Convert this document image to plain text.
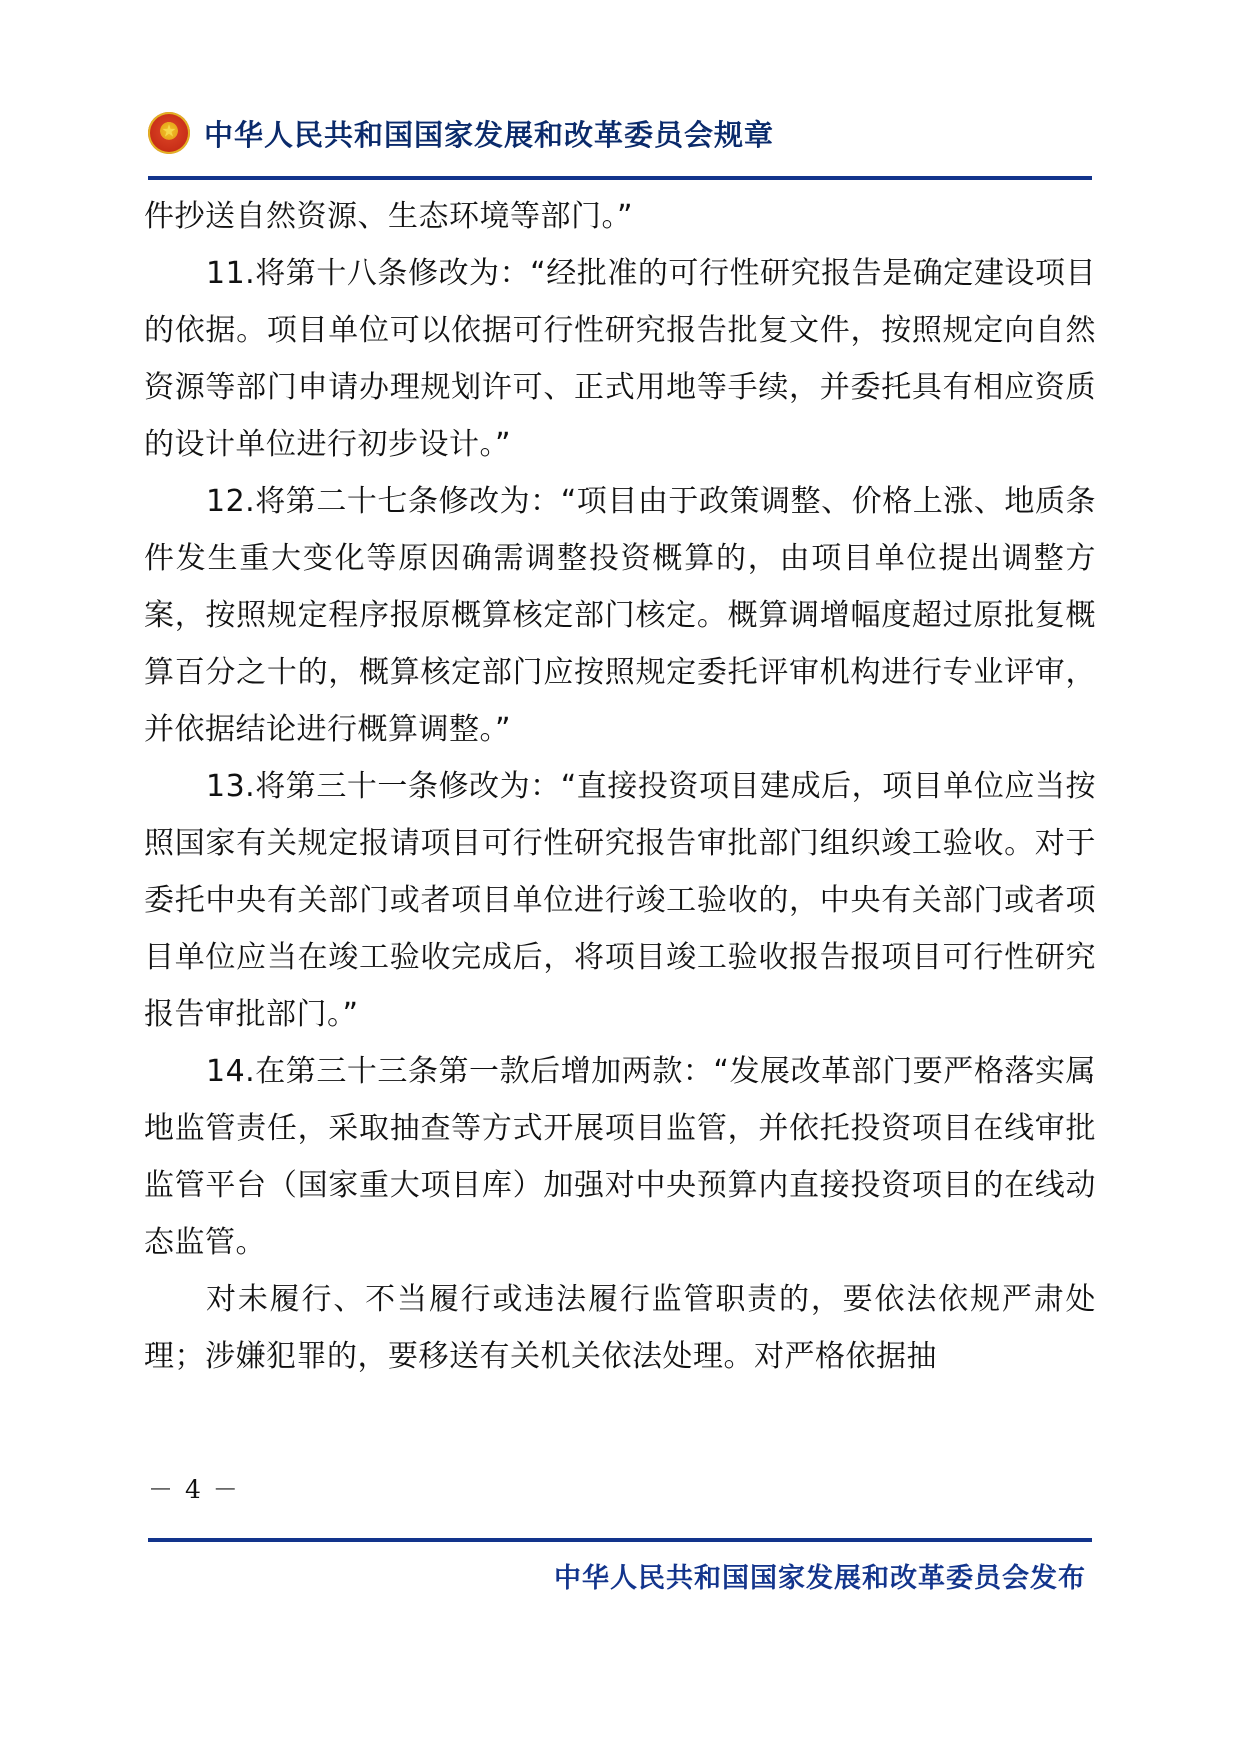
★
中华人民共和国国家发展和改革委员会规章

件抄送自然资源、生态环境等部门。”

11.将第十八条修改为：“经批准的可行性研究报告是确定建设项目的依据。项目单位可以依据可行性研究报告批复文件，按照规定向自然资源等部门申请办理规划许可、正式用地等手续，并委托具有相应资质的设计单位进行初步设计。”

12.将第二十七条修改为：“项目由于政策调整、价格上涨、地质条件发生重大变化等原因确需调整投资概算的，由项目单位提出调整方案，按照规定程序报原概算核定部门核定。概算调增幅度超过原批复概算百分之十的，概算核定部门应按照规定委托评审机构进行专业评审，并依据结论进行概算调整。”

13.将第三十一条修改为：“直接投资项目建成后，项目单位应当按照国家有关规定报请项目可行性研究报告审批部门组织竣工验收。对于委托中央有关部门或者项目单位进行竣工验收的，中央有关部门或者项目单位应当在竣工验收完成后，将项目竣工验收报告报项目可行性研究报告审批部门。”

14.在第三十三条第一款后增加两款：“发展改革部门要严格落实属地监管责任，采取抽查等方式开展项目监管，并依托投资项目在线审批监管平台（国家重大项目库）加强对中央预算内直接投资项目的在线动态监管。

对未履行、不当履行或违法履行监管职责的，要依法依规严肃处理；涉嫌犯罪的，要移送有关机关依法处理。对严格依据抽

－ 4 －
中华人民共和国国家发展和改革委员会发布
